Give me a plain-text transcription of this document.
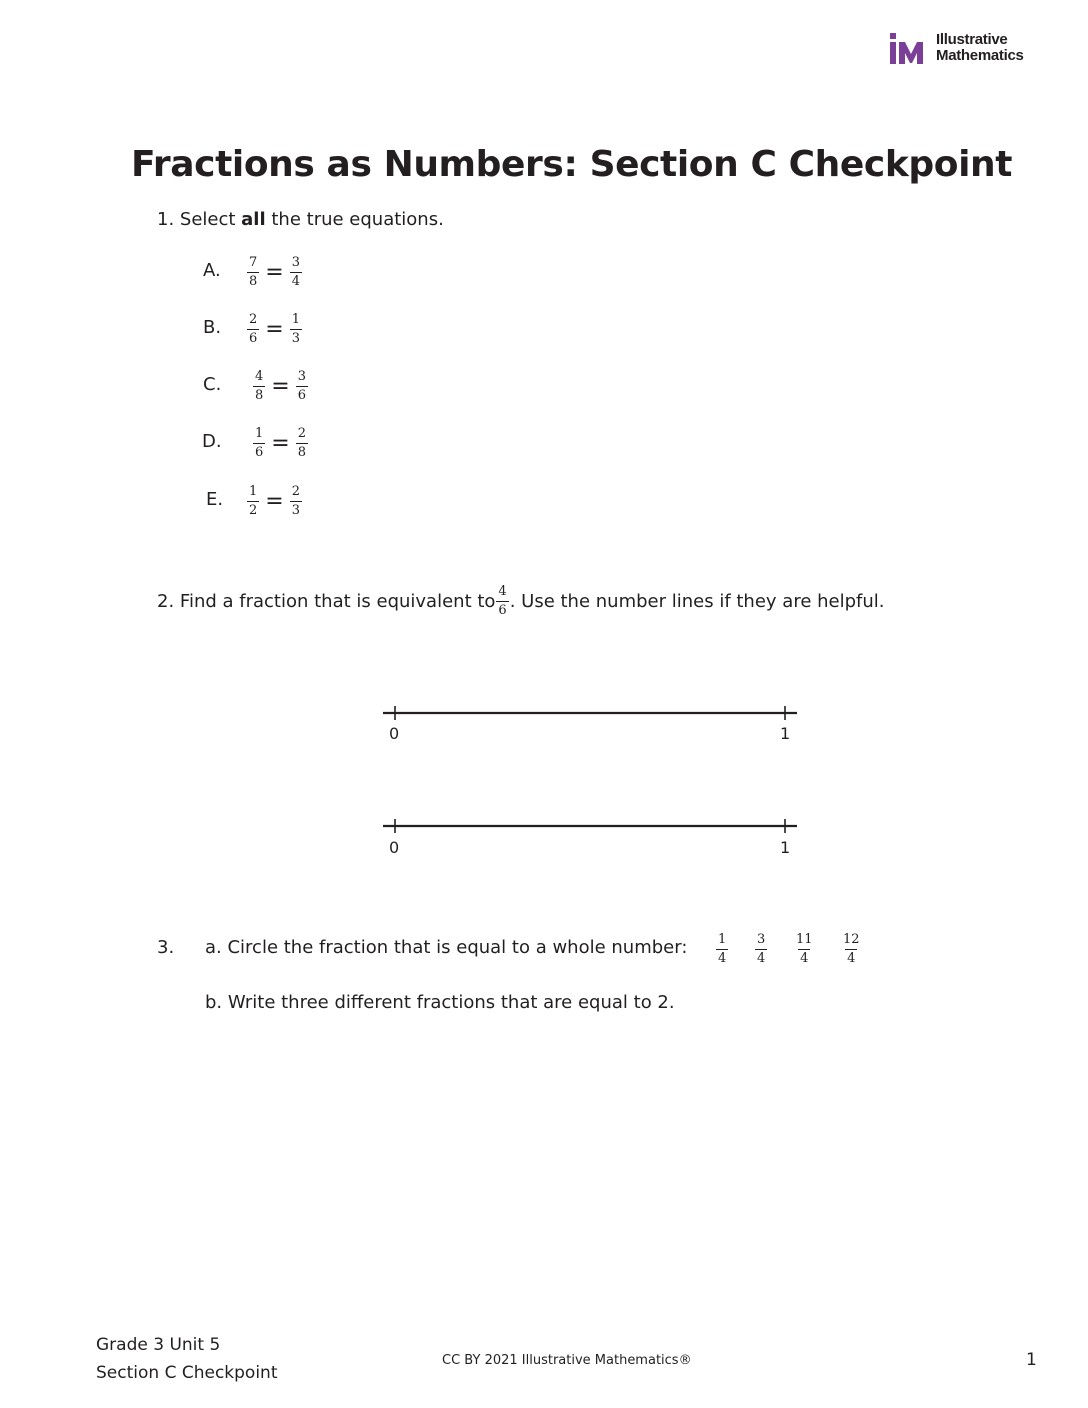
Illustrative
Mathematics
Fractions as Numbers: Section C Checkpoint
1. Select all the true equations.
A. $\frac{7}{8} = \frac{3}{4}$
B. $\frac{2}{6} = \frac{1}{3}$
C. $\frac{4}{8} = \frac{3}{6}$
D. $\frac{1}{6} = \frac{2}{8}$
E. $\frac{1}{2} = \frac{2}{3}$
2. Find a fraction that is equivalent to $\frac{4}{6}$ . Use the number lines if they are helpful.
0	1
0	1
3. a. Circle the fraction that is equal to a whole number: $\frac{1}{4} \frac{3}{4} \frac{11}{4} \frac{12}{4}$
b. Write three different fractions that are equal to 2.
Grade 3 Unit 5
Section C Checkpoint
CC BY 2021 Illustrative Mathematics®	1
